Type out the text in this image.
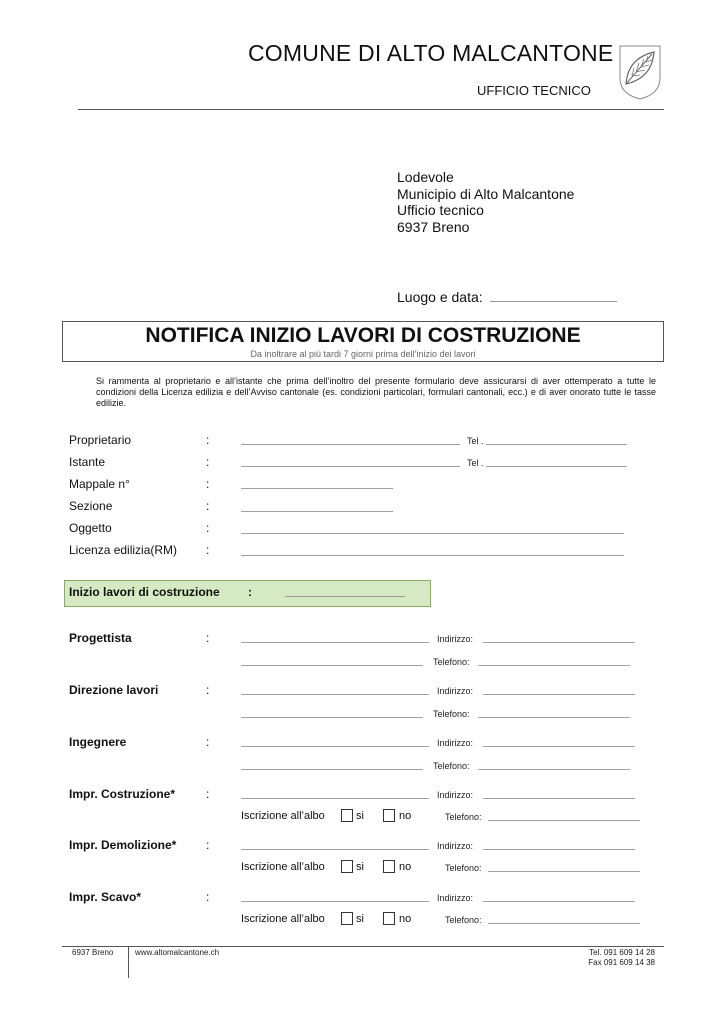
COMUNE DI ALTO MALCANTONE
UFFICIO TECNICO
Lodevole
Municipio di Alto Malcantone
Ufficio tecnico
6937 Breno
Luogo e data:
NOTIFICA INIZIO LAVORI DI COSTRUZIONE
Da inoltrare al più tardi 7 giorni prima dell’inizio dei lavori
Si rammenta al proprietario e all’istante che prima dell’inoltro del presente formulario deve assicurarsi di aver ottemperato a tutte le condizioni della Licenza edilizia e dell’Avviso cantonale (es. condizioni particolari, formulari cantonali, ecc.) e di aver onorato tutte le tasse edilizie.
Proprietario	:	Tel .
Istante	:	Tel .
Mappale n°	:
Sezione	:
Oggetto	:
Licenza edilizia(RM) :
Inizio lavori di costruzione :
Progettista	:	Indirizzo:
Telefono:
Direzione lavori	:	Indirizzo:
Telefono:
Ingegnere	:	Indirizzo:
Telefono:
Impr. Costruzione*	:	Indirizzo:
Iscrizione all’albo	si	no	Telefono:
Impr. Demolizione* :	Indirizzo:
Iscrizione all’albo	si	no	Telefono:
Impr. Scavo*	:	Indirizzo:
Iscrizione all’albo	si	no	Telefono:
6937 Breno	www.altomalcantone.ch	Tel. 091 609 14 28
Fax 091 609 14 38
